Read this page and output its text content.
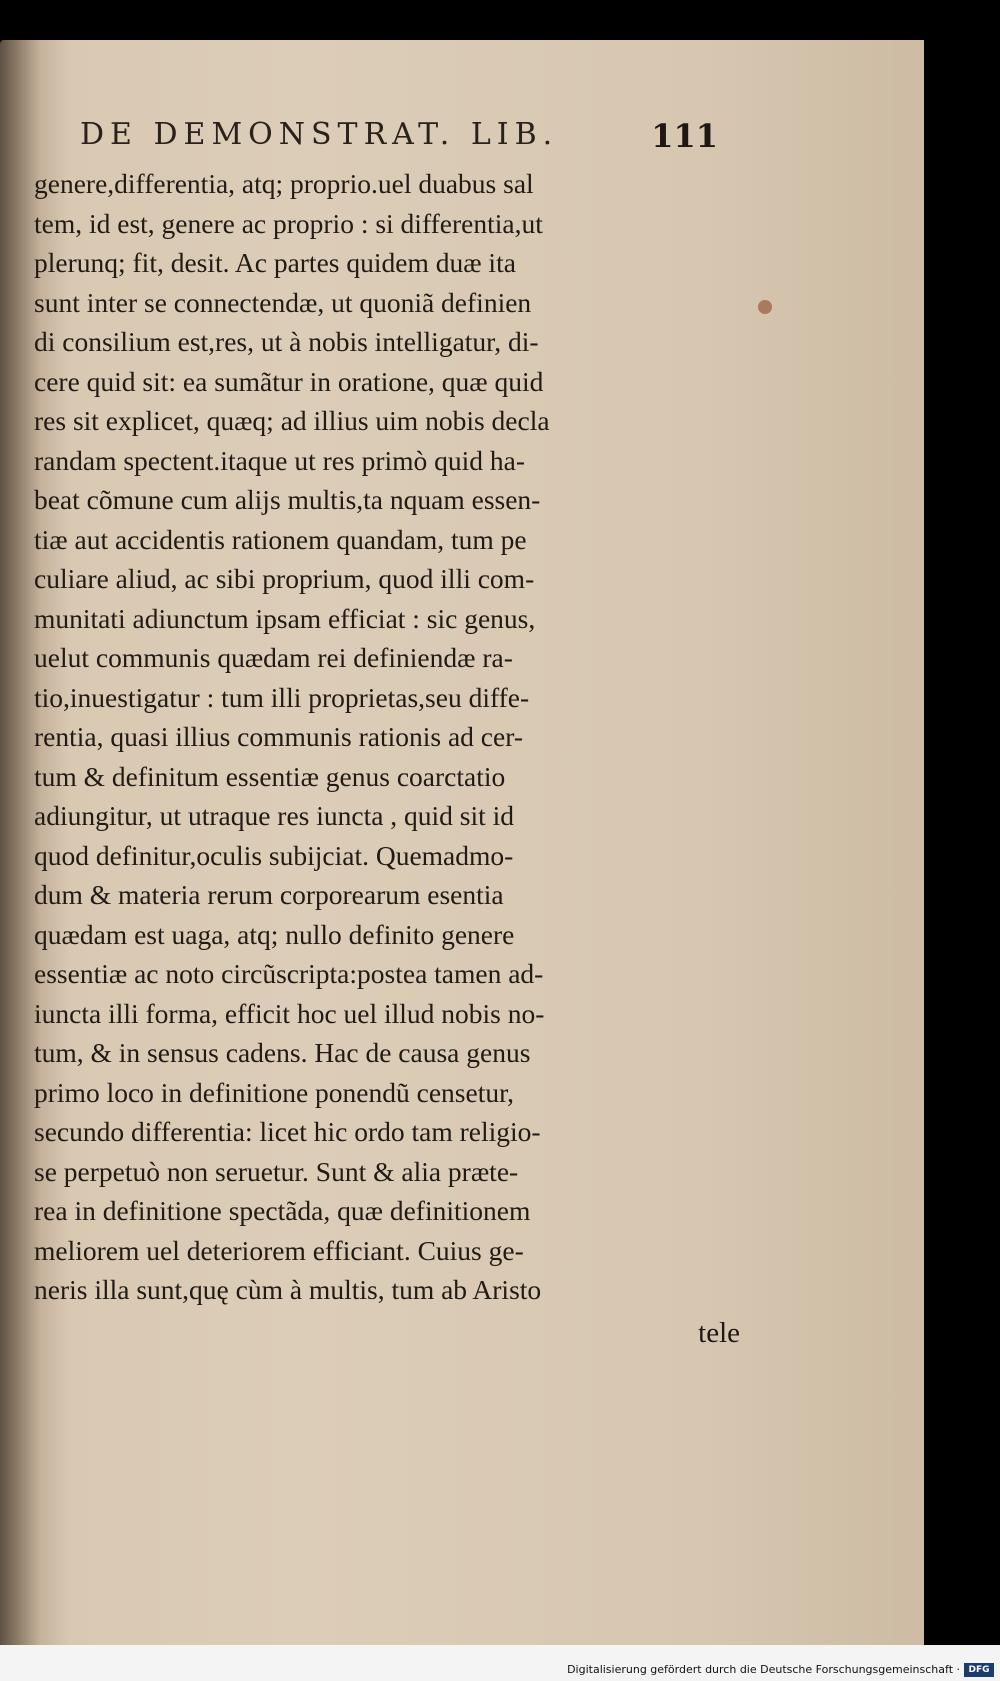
DE DEMONSTRAT. LIB.	111
genere,differentia, atq; proprio.uel duabus sal
tem, id est, genere ac proprio : si differentia,ut
plerunq; fit, desit. Ac partes quidem duæ ita
sunt inter se connectendæ, ut quoniã definien
di consilium est,res, ut à nobis intelligatur, di-
cere quid sit: ea sumãtur in oratione, quæ quid
res sit explicet, quæq; ad illius uim nobis decla
randam spectent.itaque ut res primò quid ha-
beat cõmune cum alijs multis,ta nquam essen-
tiæ aut accidentis rationem quandam, tum pe
culiare aliud, ac sibi proprium, quod illi com-
munitati adiunctum ipsam efficiat : sic genus,
uelut communis quædam rei definiendæ ra-
tio,inuestigatur : tum illi proprietas,seu diffe-
rentia, quasi illius communis rationis ad cer-
tum & definitum essentiæ genus coarctatio
adiungitur, ut utraque res iuncta , quid sit id
quod definitur,oculis subijciat. Quemadmo-
dum & materia rerum corporearum esentia
quædam est uaga, atq; nullo definito genere
essentiæ ac noto circũscripta:postea tamen ad-
iuncta illi forma, efficit hoc uel illud nobis no-
tum, & in sensus cadens. Hac de causa genus
primo loco in definitione ponendũ censetur,
secundo differentia: licet hic ordo tam religio-
se perpetuò non seruetur. Sunt & alia præte-
rea in definitione spectãda, quæ definitionem
meliorem uel deteriorem efficiant. Cuius ge-
neris illa sunt,quę cùm à multis, tum ab Aristo
tele
Digitalisierung gefördert durch die Deutsche Forschungsgemeinschaft · DFG
